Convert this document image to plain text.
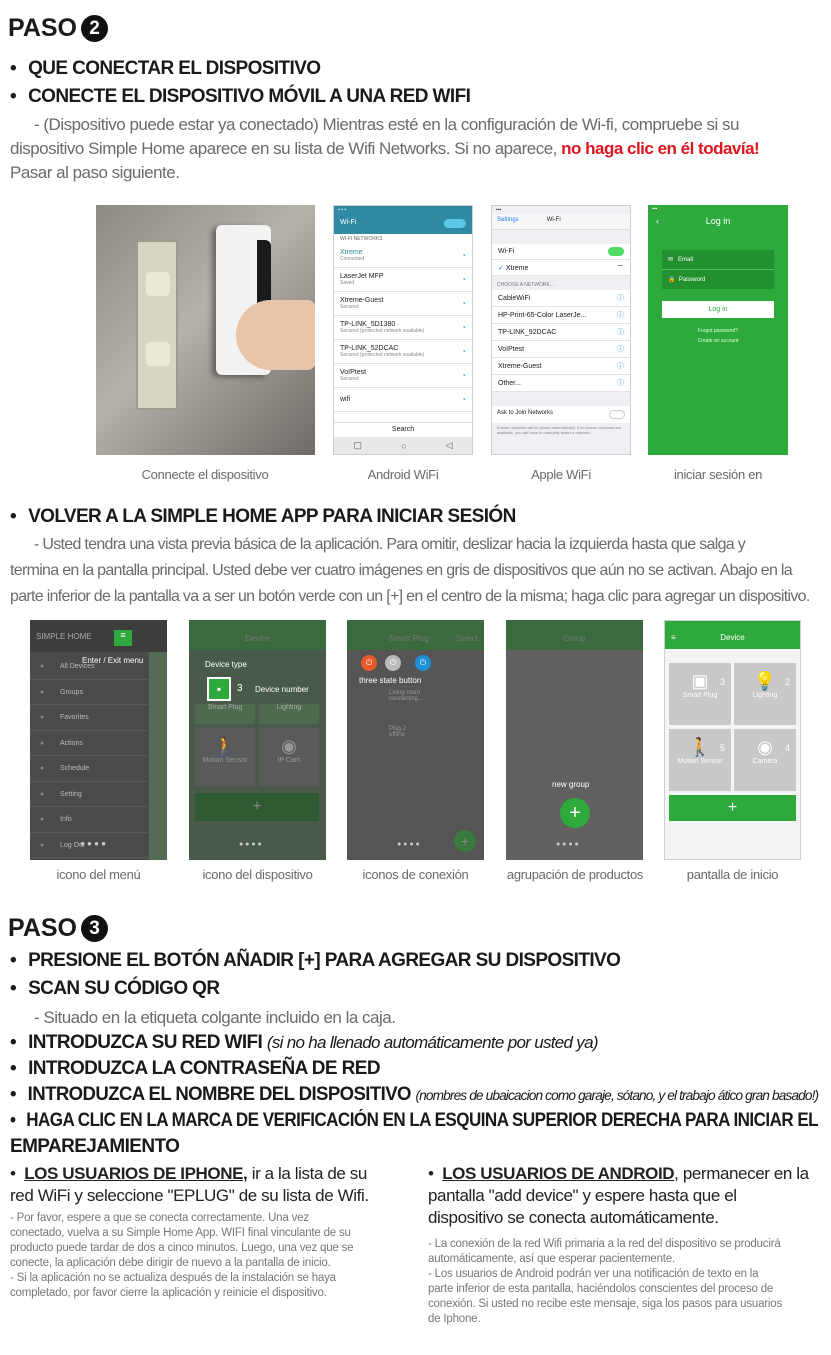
PASO 2
• QUE CONECTAR EL DISPOSITIVO
• CONECTE EL DISPOSITIVO MÓVIL A UNA RED WIFI
- (Dispositivo puede estar ya conectado) Mientras esté en la configuración de Wi-fi, compruebe si su
dispositivo Simple Home aparece en su lista de Wifi Networks. Si no aparece, no haga clic en él todavía!
Pasar al paso siguiente.
▪ ▪ ▪
Wi-Fi
WI-FI NETWORKS
Xtreme
Connected	◔
LaserJet MFP
Saved	◔
Xtreme-Guest
Secured	◔
TP-LINK_5D1380
Secured (protected network available)	◔
TP-LINK_52DCAC
Secured (protected network available)	◔
VoIPtest
Secured	◔
wifi	◔
Search
▢	○	◁
▪▪▪
Settings	Wi-Fi
Wi-Fi
✓ Xtreme	⌔
CHOOSE A NETWORK...
CableWiFi	ⓘ
HP-Print-65-Color LaserJe...	ⓘ
TP-LINK_92DCAC	ⓘ
VoIPtest	ⓘ
Xtreme-Guest	ⓘ
Other...	ⓘ
Ask to Join Networks
Known networks will be joined automatically. If no known networks are available, you will have to manually select a network.
▪▪▪
‹	Log in
✉ Email
🔒 Password
Log in
Forgot password?
Create an account
Connecte el dispositivo	Android WiFi	Apple WiFi	iniciar sesión en
• VOLVER A LA SIMPLE HOME APP PARA INICIAR SESIÓN
- Usted tendra una vista previa básica de la aplicación. Para omitir, deslizar hacia la izquierda hasta que salga y
termina en la pantalla principal. Usted debe ver cuatro imágenes en gris de dispositivos que aún no se activan. Abajo en la
parte inferior de la pantalla va a ser un botón verde con un [+] en el centro de la misma; haga clic para agregar un dispositivo.
SIMPLE HOME	≡
Enter / Exit menu
● All Devices
● Groups
● Favorites
● Actions
● Schedule
● Setting
● Info
● Log Out
● ● ● ●
Device
Device type
▪	3 Device number
Smart Plug	Lighting
🚶
Motion Sensor
◉
IP Cam
+
● ● ● ●
Smart Plug	Select
⏻	⏻	⏻
three state button
Living room
connecting...
Plug 2
offline
+
● ● ● ●
Group
new group
+
● ● ● ●
≡	Device
▣
Smart Plug
3	💡
Lighting
2
🚶
Motion Sensor
5	◉
Camera
4
+
icono del menú	icono del dispositivo	iconos de conexión	agrupación de productos	pantalla de inicio
PASO 3
• PRESIONE EL BOTÓN AÑADIR [+] PARA AGREGAR SU DISPOSITIVO
• SCAN SU CÓDIGO QR
- Situado en la etiqueta colgante incluido en la caja.
• INTRODUZCA SU RED WIFI (si no ha llenado automáticamente por usted ya)
• INTRODUZCA LA CONTRASEÑA DE RED
• INTRODUZCA EL NOMBRE DEL DISPOSITIVO (nombres de ubaicacion como garaje, sótano, y el trabajo ático gran basado!)
• HAGA CLIC EN LA MARCA DE VERIFICACIÓN EN LA ESQUINA SUPERIOR DERECHA PARA INICIAR EL
EMPAREJAMIENTO
•  LOS USUARIOS DE IPHONE, ir a la lista de su
red WiFi y seleccione "EPLUG" de su lista de Wifi.
- Por favor, espere a que se conecta correctamente. Una vez
conectado, vuelva a su Simple Home App. WIFI final vinculante de su
producto puede tardar de dos a cinco minutos. Luego, una vez que se
conecte, la aplicación debe dirigir de nuevo a la pantalla de inicio.
- Si la aplicación no se actualiza después de la instalación se haya
completado, por favor cierre la aplicación y reinicie el dispositivo.
•  LOS USUARIOS DE ANDROID, permanecer en la
pantalla "add device" y espere hasta que el
dispositivo se conecta automáticamente.
- La conexión de la red Wifi primaria a la red del dispositivo se producirá
automáticamente, así que esperar pacientemente.
- Los usuarios de Android podrán ver una notificación de texto en la
parte inferior de esta pantalla, haciéndolos conscientes del proceso de
conexión. Si usted no recibe este mensaje, siga los pasos para usuarios
de Iphone.
